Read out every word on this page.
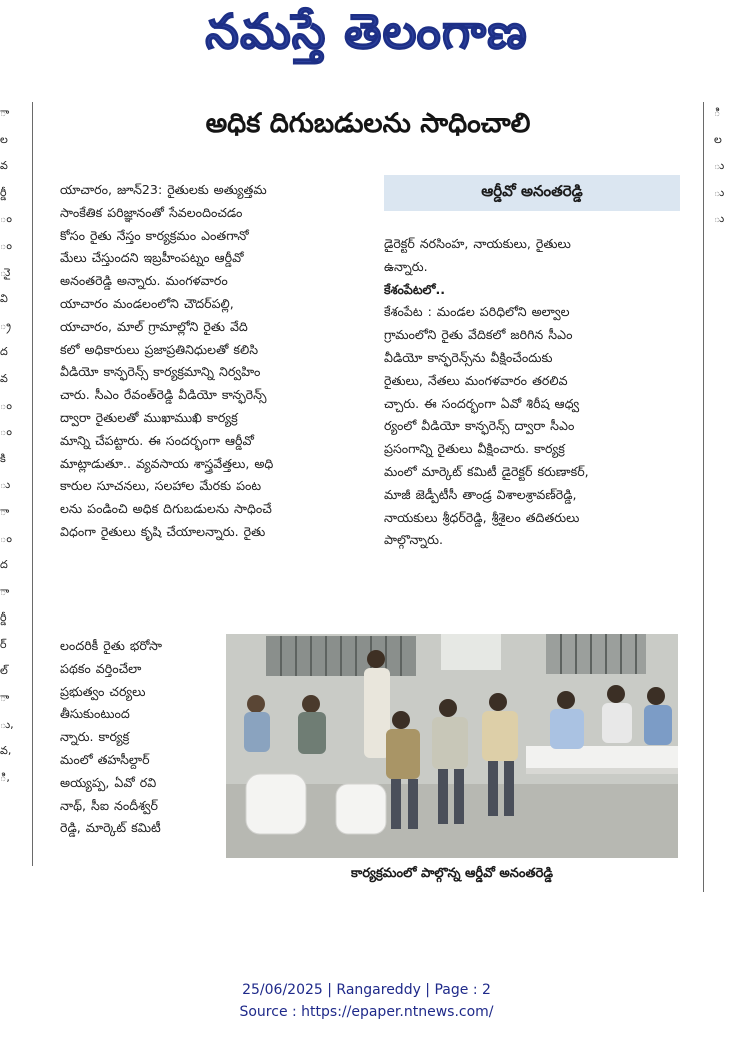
నమస్తే తెలంగాణ
ా
ల
వ
ర్డీ
ం
ం
ుై
వి
్ర
ద
వ
ం
ం
కి
ు
ా
ం
ద
ా
ర్డీ
ర్
ల్
ా
ు,
వ,
ి,
ి
ల
ు
ు
ు
అధిక దిగుబడులను సాధించాలి
యాచారం, జూన్23: రైతులకు అత్యుత్తమ
సాంకేతిక పరిజ్ఞానంతో సేవలందించడం
కోసం రైతు నేస్తం కార్యక్రమం ఎంతగానో
మేలు చేస్తుందని ఇబ్రహీంపట్నం ఆర్డీవో
అనంతరెడ్డి అన్నారు. మంగళవారం
యాచారం మండలంలోని చౌదర్‌పల్లి,
యాచారం, మాల్ గ్రామాల్లోని రైతు వేది
కలో అధికారులు ప్రజాప్రతినిధులతో కలిసి
వీడియో కాన్ఫరెన్స్ కార్యక్రమాన్ని నిర్వహిం
చారు. సీఎం రేవంత్‌రెడ్డి వీడియో కాన్ఫరెన్స్
ద్వారా రైతులతో ముఖాముఖి కార్యక్ర
మాన్ని చేపట్టారు. ఈ సందర్భంగా ఆర్డీవో
మాట్లాడుతూ.. వ్యవసాయ శాస్త్రవేత్తలు, అధి
కారుల సూచనలు, సలహాల మేరకు పంట
లను పండించి అధిక దిగుబడులను సాధించే
విధంగా రైతులు కృషి చేయాలన్నారు. రైతు
లందరికీ రైతు భరోసా
పథకం వర్తించేలా
ప్రభుత్వం చర్యలు
తీసుకుంటుంద
న్నారు. కార్యక్ర
మంలో తహసీల్దార్
అయ్యప్ప, ఏవో రవి
నాథ్, సీఐ నందీశ్వర్
రెడ్డి, మార్కెట్ కమిటీ
ఆర్డీవో అనంతరెడ్డి
డైరెక్టర్ నరసింహ, నాయకులు, రైతులు
ఉన్నారు.
కేశంపేటలో..
కేశంపేట : మండల పరిధిలోని అల్వాల
గ్రామంలోని రైతు వేదికలో జరిగిన సీఎం
వీడియో కాన్ఫరెన్స్‌ను వీక్షించేందుకు
రైతులు, నేతలు మంగళవారం తరలివ
చ్చారు. ఈ సందర్భంగా ఏవో శిరీష ఆధ్వ
ర్యంలో వీడియో కాన్ఫరెన్స్ ద్వారా సీఎం
ప్రసంగాన్ని రైతులు వీక్షించారు. కార్యక్ర
మంలో మార్కెట్ కమిటీ డైరెక్టర్ కరుణాకర్,
మాజీ జెడ్పీటీసీ తాండ్ర విశాలశ్రావణ్‌రెడ్డి,
నాయకులు శ్రీధర్‌రెడ్డి, శ్రీశైలం తదితరులు
పాల్గొన్నారు.
కార్యక్రమంలో పాల్గొన్న ఆర్డీవో అనంతరెడ్డి
25/06/2025 | Rangareddy | Page : 2
Source : https://epaper.ntnews.com/
